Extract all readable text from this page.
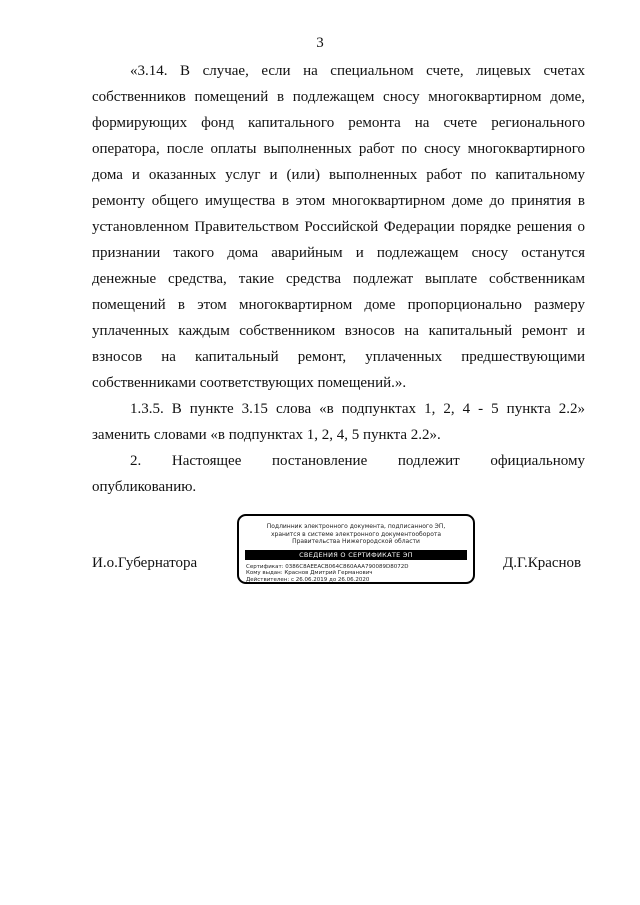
3

«3.14. В случае, если на специальном счете, лицевых счетах собственников помещений в подлежащем сносу многоквартирном доме, формирующих фонд капитального ремонта на счете регионального оператора, после оплаты выполненных работ по сносу многоквартирного дома и оказанных услуг и (или) выполненных работ по капитальному ремонту общего имущества в этом многоквартирном доме до принятия в установленном Правительством Российской Федерации порядке решения о признании такого дома аварийным и подлежащем сносу останутся денежные средства, такие средства подлежат выплате собственникам помещений в этом многоквартирном доме пропорционально размеру уплаченных каждым собственником взносов на капитальный ремонт и взносов на капитальный ремонт, уплаченных предшествующими собственниками соответствующих помещений.».

1.3.5. В пункте 3.15 слова «в подпунктах 1, 2, 4 - 5 пункта 2.2» заменить словами «в подпунктах 1, 2, 4, 5 пункта 2.2».

2. Настоящее постановление подлежит официальному опубликованию.

И.о.Губернатора	Д.Г.Краснов
Подлинник электронного документа, подписанного ЭП,
хранится в системе электронного документооборота
Правительства Нижегородской области
СВЕДЕНИЯ О СЕРТИФИКАТЕ ЭП
Сертификат: 0386C8AEEACB064C860AAA790089D8072D
Кому выдан: Краснов Дмитрий Германович
Действителен: с 26.06.2019 до 26.06.2020
